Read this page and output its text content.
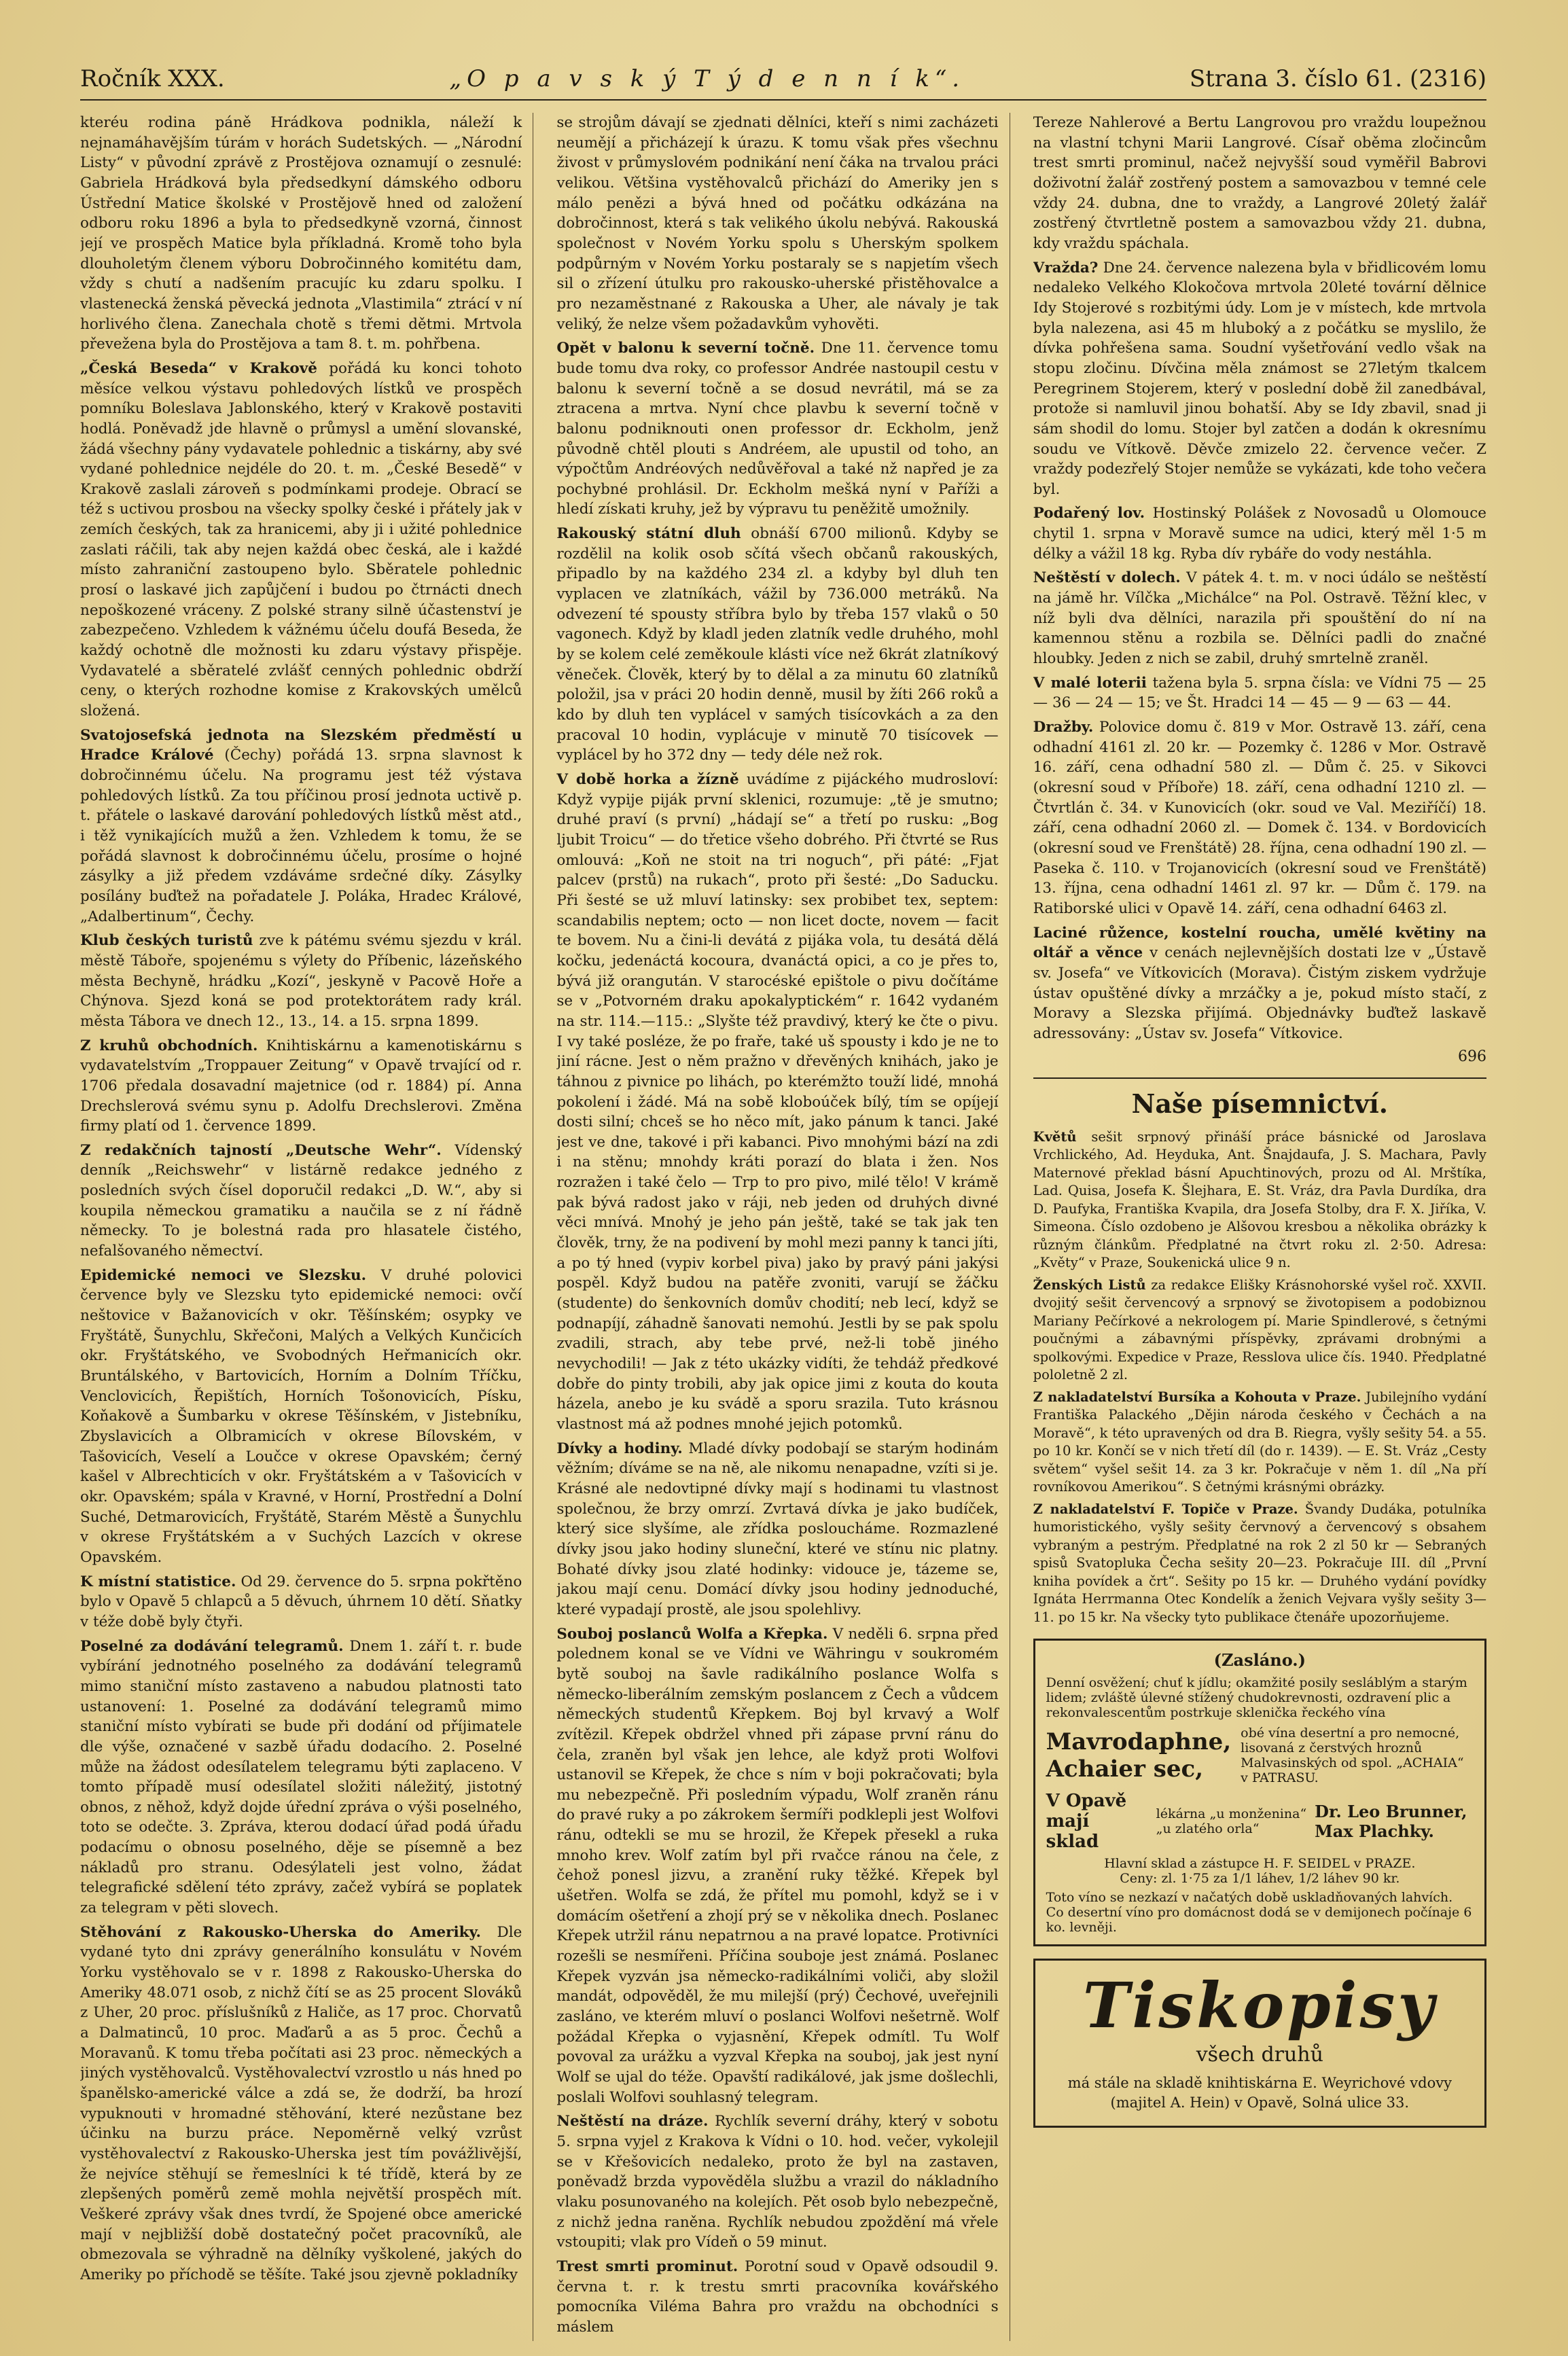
Ročník XXX.	„O p a v s k ý T ý d e n n í k“.	Strana 3. číslo 61. (2316)

kteréu rodina páně Hrádkova podnikla, náleží k nejnamáhavějším túrám v horách Sudetských. — „Národní Listy“ v původní zprávě z Prostějova oznamují o zesnulé: Gabriela Hrádková byla předsedkyní dámského odboru Ústřední Matice školské v Prostějově hned od založení odboru roku 1896 a byla to předsedkyně vzorná, činnost její ve prospěch Matice byla příkladná. Kromě toho byla dlouholetým členem výboru Dobročinného komitétu dam, vždy s chutí a nadšením pracujíc ku zdaru spolku. I vlastenecká ženská pěvecká jednota „Vlastimila“ ztrácí v ní horlivého člena. Zanechala chotě s třemi dětmi. Mrtvola převežena byla do Prostějova a tam 8. t. m. pohřbena.

„Česká Beseda“ v Krakově pořádá ku konci tohoto měsíce velkou výstavu pohledových lístků ve prospěch pomníku Boleslava Jablonského, který v Krakově postaviti hodlá. Poněvadž jde hlavně o průmysl a umění slovanské, žádá všechny pány vydavatele pohlednic a tiskárny, aby své vydané pohlednice nejdéle do 20. t. m. „České Besedě“ v Krakově zaslali zároveň s podmínkami prodeje. Obrací se též s uctivou prosbou na všecky spolky české i přátely jak v zemích českých, tak za hranicemi, aby ji i užité pohlednice zaslati ráčili, tak aby nejen každá obec česká, ale i každé místo zahraniční zastoupeno bylo. Sběratele pohlednic prosí o laskavé jich zapůjčení i budou po čtrnácti dnech nepoškozené vráceny. Z polské strany silně účastenství je zabezpečeno. Vzhledem k vážnému účelu doufá Beseda, že každý ochotně dle možnosti ku zdaru výstavy přispěje. Vydavatelé a sběratelé zvlášť cenných pohlednic obdrží ceny, o kterých rozhodne komise z Krakovských umělců složená.

Svatojosefská jednota na Slezském předměstí u Hradce Králové (Čechy) pořádá 13. srpna slavnost k dobročinnému účelu. Na programu jest též výstava pohledových lístků. Za tou příčinou prosí jednota uctivě p. t. přátele o laskavé darování pohledových lístků měst atd., i těž vynikajících mužů a žen. Vzhledem k tomu, že se pořádá slavnost k dobročinnému účelu, prosíme o hojné zásylky a již předem vzdáváme srdečné díky. Zásylky posílány buďtež na pořadatele J. Poláka, Hradec Králové, „Adalbertinum“, Čechy.

Klub českých turistů zve k pátému svému sjezdu v král. městě Táboře, spojenému s výlety do Příbenic, lázeňského města Bechyně, hrádku „Kozí“, jeskyně v Pacově Hoře a Chýnova. Sjezd koná se pod protektorátem rady král. města Tábora ve dnech 12., 13., 14. a 15. srpna 1899.

Z kruhů obchodních. Knihtiskárnu a kamenotiskárnu s vydavatelstvím „Troppauer Zeitung“ v Opavě trvající od r. 1706 předala dosavadní majetnice (od r. 1884) pí. Anna Drechslerová svému synu p. Adolfu Drechslerovi. Změna firmy platí od 1. července 1899.

Z redakčních tajností „Deutsche Wehr“. Vídenský denník „Reichswehr“ v listárně redakce jedného z posledních svých čísel doporučil redakci „D. W.“, aby si koupila německou gramatiku a naučila se z ní řádně německy. To je bolestná rada pro hlasatele čistého, nefalšovaného němectví.

Epidemické nemoci ve Slezsku. V druhé polovici července byly ve Slezsku tyto epidemické nemoci: ovčí neštovice v Bažanovicích v okr. Těšínském; osypky ve Fryštátě, Šunychlu, Skřečoni, Malých a Velkých Kunčicích okr. Fryštátského, ve Svobodných Heřmanicích okr. Bruntálského, v Bartovicích, Horním a Dolním Tříčku, Venclovicích, Řepištích, Horních Tošonovicích, Písku, Koňakově a Šumbarku v okrese Těšínském, v Jistebníku, Zbyslavicích a Olbramicích v okrese Bílovském, v Tašovicích, Veselí a Loučce v okrese Opavském; černý kašel v Albrechticích v okr. Fryštátském a v Tašovicích v okr. Opavském; spála v Kravné, v Horní, Prostřední a Dolní Suché, Detmarovicích, Fryštátě, Starém Městě a Šunychlu v okrese Fryštátském a v Suchých Lazcích v okrese Opavském.

K místní statistice. Od 29. července do 5. srpna pokřtěno bylo v Opavě 5 chlapců a 5 děvuch, úhrnem 10 dětí. Sňatky v téže době byly čtyři.

Poselné za dodávání telegramů. Dnem 1. září t. r. bude vybírání jednotného poselného za dodávání telegramů mimo staniční místo zastaveno a nabudou platnosti tato ustanovení: 1. Poselné za dodávání telegramů mimo staniční místo vybírati se bude při dodání od příjimatele dle výše, označené v sazbě úřadu dodacího. 2. Poselné může na žádost odesílatelem telegramu býti zaplaceno. V tomto případě musí odesílatel složiti náležitý, jistotný obnos, z něhož, když dojde úřední zpráva o výši poselného, toto se odečte. 3. Zpráva, kterou dodací úřad podá úřadu podacímu o obnosu poselného, děje se písemně a bez nákladů pro stranu. Odesýlateli jest volno, žádat telegrafické sdělení této zprávy, začež vybírá se poplatek za telegram v pěti slovech.

Stěhování z Rakousko-Uherska do Ameriky. Dle vydané tyto dni zprávy generálního konsulátu v Novém Yorku vystěhovalo se v r. 1898 z Rakousko-Uherska do Ameriky 48.071 osob, z nichž čítí se as 25 procent Slováků z Uher, 20 proc. příslušníků z Haliče, as 17 proc. Chorvatů a Dalmatinců, 10 proc. Maďarů a as 5 proc. Čechů a Moravanů. K tomu třeba počítati asi 23 proc. německých a jiných vystěhovalců. Vystěhovalectví vzrostlo u nás hned po španělsko-americké válce a zdá se, že dodrží, ba hrozí vypuknouti v hromadné stěhování, které nezůstane bez účinku na burzu práce. Nepoměrně velký vzrůst vystěhovalectví z Rakousko-Uherska jest tím povážlivější, že nejvíce stěhují se řemeslníci k té třídě, která by ze zlepšených poměrů země mohla největší prospěch mít. Veškeré zprávy však dnes tvrdí, že Spojené obce americké mají v nejbližší době dostatečný počet pracovníků, ale obmezovala se výhradně na dělníky vyškolené, jakých do Ameriky po příchodě se těšíte. Také jsou zjevně pokladníky

se strojům dávají se zjednati dělníci, kteří s nimi zacházeti neumějí a přicházejí k úrazu. K tomu však přes všechnu živost v průmyslovém podnikání není čáka na trvalou práci velikou. Většina vystěhovalců přichází do Ameriky jen s málo penězi a bývá hned od počátku odkázána na dobročinnost, která s tak velikého úkolu nebývá. Rakouská společnost v Novém Yorku spolu s Uherským spolkem podpůrným v Novém Yorku postaraly se s napjetím všech sil o zřízení útulku pro rakousko-uherské přistěhovalce a pro nezaměstnané z Rakouska a Uher, ale návaly je tak veliký, že nelze všem požadavkům vyhověti.

Opět v balonu k severní točně. Dne 11. července tomu bude tomu dva roky, co professor Andrée nastoupil cestu v balonu k severní točně a se dosud nevrátil, má se za ztracena a mrtva. Nyní chce plavbu k severní točně v balonu podniknouti onen professor dr. Eckholm, jenž původně chtěl plouti s Andréem, ale upustil od toho, an výpočtům Andréových nedůvěřoval a také nž napřed je za pochybné prohlásil. Dr. Eckholm mešká nyní v Paříži a hledí získati kruhy, jež by výpravu tu peněžitě umožnily.

Rakouský státní dluh obnáší 6700 milionů. Kdyby se rozdělil na kolik osob sčítá všech občanů rakouských, připadlo by na každého 234 zl. a kdyby byl dluh ten vyplacen ve zlatníkách, vážil by 736.000 metráků. Na odvezení té spousty stříbra bylo by třeba 157 vlaků o 50 vagonech. Když by kladl jeden zlatník vedle druhého, mohl by se kolem celé zeměkoule klásti více než 6krát zlatníkový věneček. Člověk, který by to dělal a za minutu 60 zlatníků položil, jsa v práci 20 hodin denně, musil by žíti 266 roků a kdo by dluh ten vyplácel v samých tisícovkách a za den pracoval 10 hodin, vyplácuje v minutě 70 tisícovek — vyplácel by ho 372 dny — tedy déle než rok.

V době horka a žízně uvádíme z pijáckého mudrosloví: Když vypije piják první sklenici, rozumuje: „tě je smutno; druhé praví (s první) „hádají se“ a třetí po rusku: „Bog ljubit Troicu“ — do třetice všeho dobrého. Při čtvrté se Rus omlouvá: „Koň ne stoit na tri noguch“, při páté: „Fjat palcev (prstů) na rukach“, proto při šesté: „Do Saducku. Při šesté se už mluví latinsky: sex probibet tex, septem: scandabilis neptem; octo — non licet docte, novem — facit te bovem. Nu a čini-li devátá z pijáka vola, tu desátá dělá kočku, jedenáctá kocoura, dvanáctá opici, a co je přes to, bývá již orangután. V starocéské epištole o pivu dočítáme se v „Potvorném draku apokalyptickém“ r. 1642 vydaném na str. 114.—115.: „Slyšte též pravdivý, který ke čte o pivu. I vy také posléze, že po fraře, také uš spousty i kdo je ne to jiní rácne. Jest o něm pražno v dřevěných knihách, jako je táhnou z pivnice po lihách, po kterémžto touží lidé, mnohá pokolení i žádé. Má na sobě kloboúček bílý, tím se opíjejí dosti silní; chceš se ho něco mít, jako pánum k tanci. Jaké jest ve dne, takové i při kabanci. Pivo mnohými bází na zdi i na stěnu; mnohdy kráti porazí do blata i žen. Nos rozražen i také čelo — Trp to pro pivo, milé tělo! V krámě pak bývá radost jako v ráji, neb jeden od druhých divné věci mnívá. Mnohý je jeho pán ještě, také se tak jak ten člověk, trny, že na podivení by mohl mezi panny k tanci jíti, a po tý hned (vypiv korbel piva) jako by pravý páni jakýsi pospěl. Když budou na patěře zvoniti, varují se žáčku (studente) do šenkovních domův chodití; neb lecí, když se podnapíjí, záhadně šanovati nemohú. Jestli by se pak spolu zvadili, strach, aby tebe prvé, než-li tobě jiného nevychodili! — Jak z této ukázky vidíti, že tehdáž předkové dobře do pinty trobili, aby jak opice jimi z kouta do kouta házela, anebo je ku svádě a sporu srazila. Tuto krásnou vlastnost má až podnes mnohé jejich potomků.

Dívky a hodiny. Mladé dívky podobají se starým hodinám věžním; díváme se na ně, ale nikomu nenapadne, vzíti si je. Krásné ale nedovtipné dívky mají s hodinami tu vlastnost společnou, že brzy omrzí. Zvrtavá dívka je jako budíček, který sice slyšíme, ale zřídka posloucháme. Rozmazlené dívky jsou jako hodiny sluneční, které ve stínu nic platny. Bohaté dívky jsou zlaté hodinky: vidouce je, tázeme se, jakou mají cenu. Domácí dívky jsou hodiny jednoduché, které vypadají prostě, ale jsou spolehlivy.

Souboj poslanců Wolfa a Křepka. V neděli 6. srpna před polednem konal se ve Vídni ve Währingu v soukromém bytě souboj na šavle radikálního poslance Wolfa s německo-liberálním zemským poslancem z Čech a vůdcem německých studentů Křepkem. Boj byl krvavý a Wolf zvítězil. Křepek obdržel vhned při zápase první ránu do čela, zraněn byl však jen lehce, ale když proti Wolfovi ustanovil se Křepek, že chce s ním v boji pokračovati; byla mu nebezpečně. Při posledním výpadu, Wolf zraněn ránu do pravé ruky a po zákrokem šermíři podklepli jest Wolfovi ránu, odtekli se mu se hrozil, že Křepek přesekl a ruka mnoho krev. Wolf zatím byl při rvačce ránou na čele, z čehož ponesl jizvu, a zranění ruky těžké. Křepek byl ušetřen. Wolfa se zdá, že přítel mu pomohl, když se i v domácím ošetření a zhojí prý se v několika dnech. Poslanec Křepek utržil ránu nepatrnou a na pravé lopatce. Protivníci rozešli se nesmířeni. Příčina souboje jest známá. Poslanec Křepek vyzván jsa německo-radikálními voliči, aby složil mandát, odpověděl, že mu milejší (prý) Čechové, uveřejnili zasláno, ve kterém mluví o poslanci Wolfovi nešetrně. Wolf požádal Křepka o vyjasnění, Křepek odmítl. Tu Wolf povoval za urážku a vyzval Křepka na souboj, jak jest nyní Wolf se ujal do téže. Opavští radikálové, jak jsme došlechli, poslali Wolfovi souhlasný telegram.

Neštěstí na dráze. Rychlík severní dráhy, který v sobotu 5. srpna vyjel z Krakova k Vídni o 10. hod. večer, vykolejil se v Křešovicích nedaleko, proto že byl na zastaven, poněvadž brzda vypověděla službu a vrazil do nákladního vlaku posunovaného na kolejích. Pět osob bylo nebezpečně, z nichž jedna raněna. Rychlík nebudou zpoždění má vřele vstoupiti; vlak pro Vídeň o 59 minut.

Trest smrti prominut. Porotní soud v Opavě odsoudil 9. června t. r. k trestu smrti pracovníka kovářského pomocníka Viléma Bahra pro vraždu na obchodníci s máslem

Tereze Nahlerové a Bertu Langrovou pro vraždu loupežnou na vlastní tchyni Marii Langrové. Císař oběma zločincům trest smrti prominul, načež nejvyšší soud vyměřil Babrovi doživotní žalář zostřený postem a samovazbou v temné cele vždy 24. dubna, dne to vraždy, a Langrové 20letý žalář zostřený čtvrtletně postem a samovazbou vždy 21. dubna, kdy vraždu spáchala.

Vražda? Dne 24. července nalezena byla v břidlicovém lomu nedaleko Velkého Klokočova mrtvola 20leté tovární dělnice Idy Stojerové s rozbitými údy. Lom je v místech, kde mrtvola byla nalezena, asi 45 m hluboký a z počátku se myslilo, že dívka pohřešena sama. Soudní vyšetřování vedlo však na stopu zločinu. Dívčina měla známost se 27letým tkalcem Peregrinem Stojerem, který v poslední době žil zanedbával, protože si namluvil jinou bohatší. Aby se Idy zbavil, snad ji sám shodil do lomu. Stojer byl zatčen a dodán k okresnímu soudu ve Vítkově. Děvče zmizelo 22. července večer. Z vraždy podezřelý Stojer nemůže se vykázati, kde toho večera byl.

Podařený lov. Hostinský Polášek z Novosadů u Olomouce chytil 1. srpna v Moravě sumce na udici, který měl 1·5 m délky a vážil 18 kg. Ryba dív rybáře do vody nestáhla.

Neštěstí v dolech. V pátek 4. t. m. v noci údálo se neštěstí na jámě hr. Vílčka „Michálce“ na Pol. Ostravě. Těžní klec, v níž byli dva dělníci, narazila při spouštění do ní na kamennou stěnu a rozbila se. Dělníci padli do značné hloubky. Jeden z nich se zabil, druhý smrtelně zraněl.

V malé loterii tažena byla 5. srpna čísla: ve Vídni 75 — 25 — 36 — 24 — 15; ve Št. Hradci 14 — 45 — 9 — 63 — 44.

Dražby. Polovice domu č. 819 v Mor. Ostravě 13. září, cena odhadní 4161 zl. 20 kr. — Pozemky č. 1286 v Mor. Ostravě 16. září, cena odhadní 580 zl. — Dům č. 25. v Sikovci (okresní soud v Příboře) 18. září, cena odhadní 1210 zl. — Čtvrtlán č. 34. v Kunovicích (okr. soud ve Val. Meziříčí) 18. září, cena odhadní 2060 zl. — Domek č. 134. v Bordovicích (okresní soud ve Frenštátě) 28. října, cena odhadní 190 zl. — Paseka č. 110. v Trojanovicích (okresní soud ve Frenštátě) 13. října, cena odhadní 1461 zl. 97 kr. — Dům č. 179. na Ratiborské ulici v Opavě 14. září, cena odhadní 6463 zl.

Laciné růžence, kostelní roucha, umělé květiny na oltář a věnce v cenách nejlevnějších dostati lze v „Ústavě sv. Josefa“ ve Vítkovicích (Morava). Čistým ziskem vydržuje ústav opuštěné dívky a mrzáčky a je, pokud místo stačí, z Moravy a Slezska přijímá. Objednávky buďtež laskavě adressovány: „Ústav sv. Josefa“ Vítkovice.

696
Naše písemnictví.

Květů sešit srpnový přináší práce básnické od Jaroslava Vrchlického, Ad. Heyduka, Ant. Šnajdaufa, J. S. Machara, Pavly Maternové překlad básní Apuchtinových, prozu od Al. Mrštíka, Lad. Quisa, Josefa K. Šlejhara, E. St. Vráz, dra Pavla Durdíka, dra D. Paufyka, Františka Kvapila, dra Josefa Stolby, dra F. X. Jiříka, V. Simeona. Číslo ozdobeno je Alšovou kresbou a několika obrázky k různým článkům. Předplatné na čtvrt roku zl. 2·50. Adresa: „Květy“ v Praze, Soukenická ulice 9 n.

Ženských Listů za redakce Elišky Krásnohorské vyšel roč. XXVII. dvojitý sešit červencový a srpnový se životopisem a podobiznou Mariany Pečírkové a nekrologem pí. Marie Spindlerové, s četnými poučnými a zábavnými příspěvky, zprávami drobnými a spolkovými. Expedice v Praze, Resslova ulice čís. 1940. Předplatné pololetně 2 zl.

Z nakladatelství Bursíka a Kohouta v Praze. Jubilejního vydání Františka Palackého „Dějin národa českého v Čechách a na Moravě“, k této upravených od dra B. Riegra, vyšly sešity 54. a 55. po 10 kr. Končí se v nich třetí díl (do r. 1439). — E. St. Vráz „Cesty světem“ vyšel sešit 14. za 3 kr. Pokračuje v něm 1. díl „Na pří rovníkovou Amerikou“. S četnými krásnými obrázky.

Z nakladatelství F. Topiče v Praze. Švandy Dudáka, potulníka humoristického, vyšly sešity červnový a červencový s obsahem vybraným a pestrým. Předplatné na rok 2 zl 50 kr — Sebraných spisů Svatopluka Čecha sešity 20—23. Pokračuje III. díl „První kniha povídek a črt“. Sešity po 15 kr. — Druhého vydání povídky Ignáta Herrmanna Otec Kondelík a ženich Vejvara vyšly sešity 3—11. po 15 kr. Na všecky tyto publikace čtenáře upozorňujeme.

(Zasláno.)
Denní osvěžení; chuť k jídlu; okamžité posily sesláblým a starým lidem; zvláště úlevné stížený chudokrevnosti, ozdravení plic a rekonvalescentům postrkuje sklenička řeckého vína
Mavrodaphne,
Achaier sec,
obé vína desertní a pro nemocné, lisovaná z čerstvých hroznů Malvasinských od spol. „ACHAIA“ v PATRASU.
V Opavě mají sklad
lékárna „u monženina“
„u zlatého orla“
Dr. Leo Brunner,
Max Plachky.
Hlavní sklad a zástupce H. F. SEIDEL v PRAZE.
Ceny: zl. 1·75 za 1/1 láhev, 1/2 láhev 90 kr.
Toto víno se nezkazí v načatých době uskladňovaných lahvích. Co desertní víno pro domácnost dodá se v demijonech počínaje 6 ko. levněji.
Tiskopisy
všech druhů
má stále na skladě knihtiskárna E. Weyrichové vdovy (majitel A. Hein) v Opavě, Solná ulice 33.
